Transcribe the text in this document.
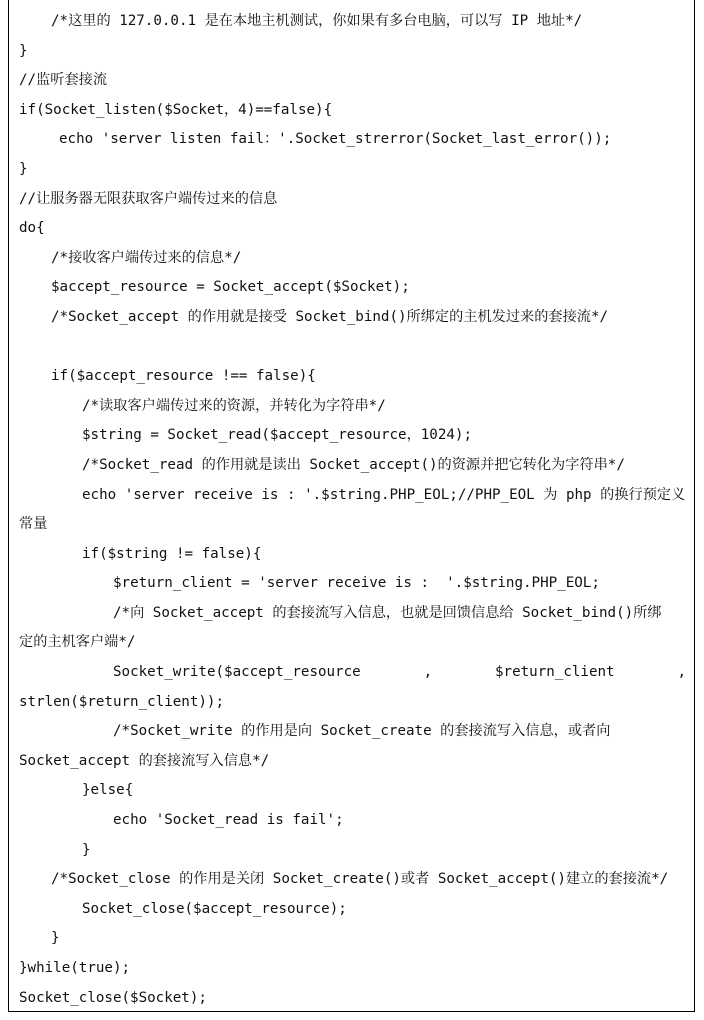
/*这里的 127.0.0.1 是在本地主机测试，你如果有多台电脑，可以写 IP 地址*/
}
//监听套接流
if(Socket_listen($Socket，4)==false){
echo 'server listen fail：'.Socket_strerror(Socket_last_error());
}
//让服务器无限获取客户端传过来的信息
do{
/*接收客户端传过来的信息*/
$accept_resource = Socket_accept($Socket);
/*Socket_accept 的作用就是接受 Socket_bind()所绑定的主机发过来的套接流*/
if($accept_resource !== false){
/*读取客户端传过来的资源，并转化为字符串*/
$string = Socket_read($accept_resource，1024);
/*Socket_read 的作用就是读出 Socket_accept()的资源并把它转化为字符串*/
echo 'server receive is : '.$string.PHP_EOL;//PHP_EOL 为 php 的换行预定义
常量
if($string != false){
$return_client = 'server receive is :  '.$string.PHP_EOL;
/*向 Socket_accept 的套接流写入信息，也就是回馈信息给 Socket_bind()所绑
定的主机客户端*/
Socket_write($accept_resource	,	$return_client	,
strlen($return_client));
/*Socket_write 的作用是向 Socket_create 的套接流写入信息，或者向
Socket_accept 的套接流写入信息*/
}else{
echo 'Socket_read is fail';
}
/*Socket_close 的作用是关闭 Socket_create()或者 Socket_accept()建立的套接流*/
Socket_close($accept_resource);
}
}while(true);
Socket_close($Socket);
